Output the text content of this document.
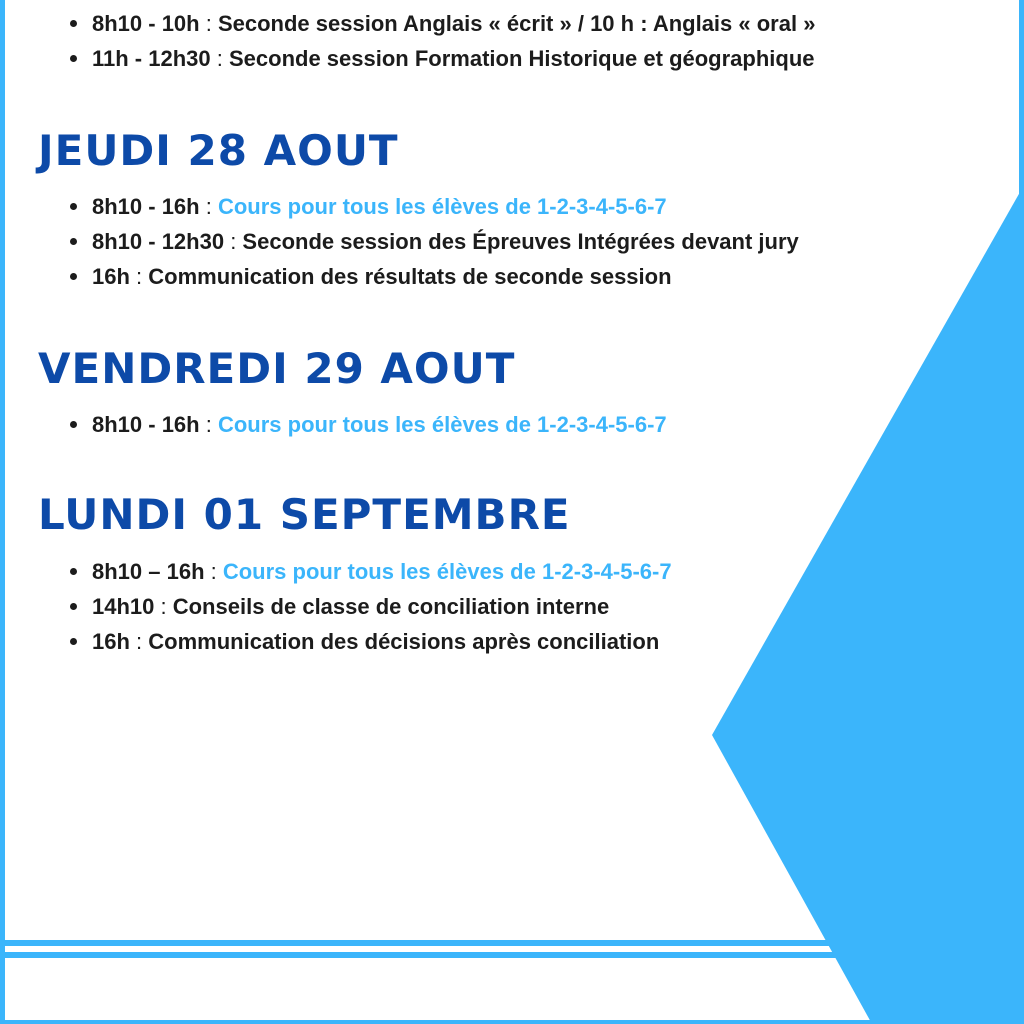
8h10 - 10h : Seconde session Anglais « écrit » / 10 h : Anglais « oral »
11h - 12h30 : Seconde session Formation Historique et géographique
JEUDI 28 AOUT
8h10 - 16h : Cours pour tous les élèves de 1-2-3-4-5-6-7
8h10 - 12h30 : Seconde session des Épreuves Intégrées devant jury
16h : Communication des résultats de seconde session
VENDREDI 29 AOUT
8h10 - 16h : Cours pour tous les élèves de 1-2-3-4-5-6-7
LUNDI 01 SEPTEMBRE
8h10 – 16h : Cours pour tous les élèves de 1-2-3-4-5-6-7
14h10 : Conseils de classe de conciliation interne
16h : Communication des décisions après conciliation
